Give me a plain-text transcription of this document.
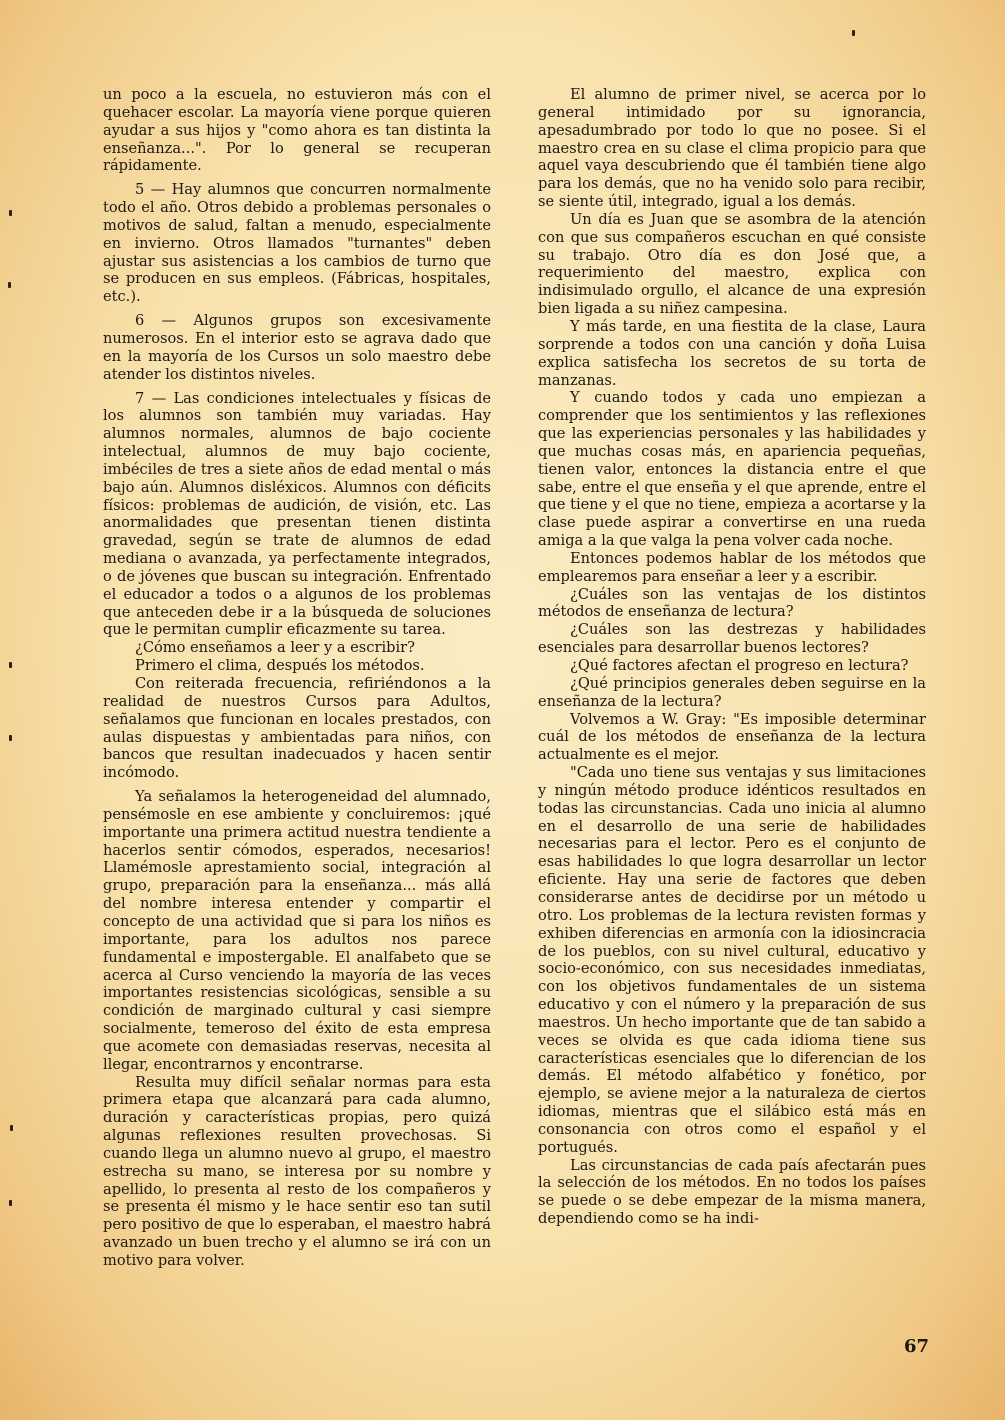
un poco a la escuela, no estuvieron más con el quehacer escolar. La mayoría viene porque quieren ayudar a sus hijos y "como ahora es tan distinta la enseñanza...". Por lo general se recuperan rápidamente.

5 — Hay alumnos que concurren normalmente todo el año. Otros debido a problemas personales o motivos de salud, faltan a menudo, especialmente en invierno. Otros llamados "turnantes" deben ajustar sus asistencias a los cambios de turno que se producen en sus empleos. (Fábricas, hospitales, etc.).

6 — Algunos grupos son excesivamente numerosos. En el interior esto se agrava dado que en la mayoría de los Cursos un solo maestro debe atender los distintos niveles.

7 — Las condiciones intelectuales y físicas de los alumnos son también muy variadas. Hay alumnos normales, alumnos de bajo cociente intelectual, alumnos de muy bajo cociente, imbéciles de tres a siete años de edad mental o más bajo aún. Alumnos disléxicos. Alumnos con déficits físicos: problemas de audición, de visión, etc. Las anormalidades que presentan tienen distinta gravedad, según se trate de alumnos de edad mediana o avanzada, ya perfectamente integrados, o de jóvenes que buscan su integración. Enfrentado el educador a todos o a algunos de los problemas que anteceden debe ir a la búsqueda de soluciones que le permitan cumplir eficazmente su tarea.

¿Cómo enseñamos a leer y a escribir?

Primero el clima, después los métodos.

Con reiterada frecuencia, refiriéndonos a la realidad de nuestros Cursos para Adultos, señalamos que funcionan en locales prestados, con aulas dispuestas y ambientadas para niños, con bancos que resultan inadecuados y hacen sentir incómodo.

Ya señalamos la heterogeneidad del alumnado, pensémosle en ese ambiente y concluiremos: ¡qué importante una primera actitud nuestra tendiente a hacerlos sentir cómodos, esperados, necesarios! Llamémosle aprestamiento social, integración al grupo, preparación para la enseñanza... más allá del nombre interesa entender y compartir el concepto de una actividad que si para los niños es importante, para los adultos nos parece fundamental e impostergable. El analfabeto que se acerca al Curso venciendo la mayoría de las veces importantes resistencias sicológicas, sensible a su condición de marginado cultural y casi siempre socialmente, temeroso del éxito de esta empresa que acomete con demasiadas reservas, necesita al llegar, encontrarnos y encontrarse.

Resulta muy difícil señalar normas para esta primera etapa que alcanzará para cada alumno, duración y características propias, pero quizá algunas reflexiones resulten provechosas. Si cuando llega un alumno nuevo al grupo, el maestro estrecha su mano, se interesa por su nombre y apellido, lo presenta al resto de los compañeros y se presenta él mismo y le hace sentir eso tan sutil pero positivo de que lo esperaban, el maestro habrá avanzado un buen trecho y el alumno se irá con un motivo para volver.

El alumno de primer nivel, se acerca por lo general intimidado por su ignorancia, apesadumbrado por todo lo que no posee. Si el maestro crea en su clase el clima propicio para que aquel vaya descubriendo que él también tiene algo para los demás, que no ha venido solo para recibir, se siente útil, integrado, igual a los demás.

Un día es Juan que se asombra de la atención con que sus compañeros escuchan en qué consiste su trabajo. Otro día es don José que, a requerimiento del maestro, explica con indisimulado orgullo, el alcance de una expresión bien ligada a su niñez campesina.

Y más tarde, en una fiestita de la clase, Laura sorprende a todos con una canción y doña Luisa explica satisfecha los secretos de su torta de manzanas.

Y cuando todos y cada uno empiezan a comprender que los sentimientos y las reflexiones que las experiencias personales y las habilidades y que muchas cosas más, en apariencia pequeñas, tienen valor, entonces la distancia entre el que sabe, entre el que enseña y el que aprende, entre el que tiene y el que no tiene, empieza a acortarse y la clase puede aspirar a convertirse en una rueda amiga a la que valga la pena volver cada noche.

Entonces podemos hablar de los métodos que emplearemos para enseñar a leer y a escribir.

¿Cuáles son las ventajas de los distintos métodos de enseñanza de lectura?

¿Cuáles son las destrezas y habilidades esenciales para desarrollar buenos lectores?

¿Qué factores afectan el progreso en lectura?

¿Qué principios generales deben seguirse en la enseñanza de la lectura?

Volvemos a W. Gray: "Es imposible determinar cuál de los métodos de enseñanza de la lectura actualmente es el mejor.

"Cada uno tiene sus ventajas y sus limitaciones y ningún método produce idénticos resultados en todas las circunstancias. Cada uno inicia al alumno en el desarrollo de una serie de habilidades necesarias para el lector. Pero es el conjunto de esas habilidades lo que logra desarrollar un lector eficiente. Hay una serie de factores que deben considerarse antes de decidirse por un método u otro. Los problemas de la lectura revisten formas y exhiben diferencias en armonía con la idiosincracia de los pueblos, con su nivel cultural, educativo y socio-económico, con sus necesidades inmediatas, con los objetivos fundamentales de un sistema educativo y con el número y la preparación de sus maestros. Un hecho importante que de tan sabido a veces se olvida es que cada idioma tiene sus características esenciales que lo diferencian de los demás. El método alfabético y fonético, por ejemplo, se aviene mejor a la naturaleza de ciertos idiomas, mientras que el silábico está más en consonancia con otros como el español y el portugués.

Las circunstancias de cada país afectarán pues la selección de los métodos. En no todos los países se puede o se debe empezar de la misma manera, dependiendo como se ha indi-

67
